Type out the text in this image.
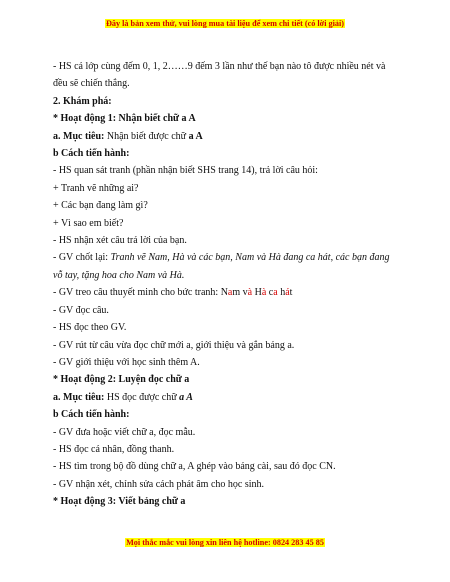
Đây là bản xem thử, vui lòng mua tài liệu để xem chi tiết (có lời giải)
- HS cả lớp cùng đếm 0, 1, 2……9 đếm 3 lần như thế bạn nào tô được nhiều nét và
đều sẽ chiến thắng.
2. Khám phá:
* Hoạt động 1: Nhận biết chữ a A
a. Mục tiêu: Nhận biết được chữ a A
b Cách tiến hành:
- HS quan sát tranh (phần nhận biết SHS trang 14), trả lời câu hỏi:
+ Tranh vẽ những ai?
+ Các bạn đang làm gì?
+ Vì sao em biết?
- HS nhận xét câu trả lời của bạn.
- GV chốt lại: Tranh vẽ Nam, Hà và các bạn, Nam và Hà đang ca hát, các bạn đang
vỗ tay, tặng hoa cho Nam và Hà.
- GV treo câu thuyết minh cho bức tranh: Nam và Hà ca hát
- GV đọc câu.
- HS đọc theo GV.
- GV rút từ câu vừa đọc chữ mới a, giới thiệu và gắn bảng a.
- GV giới thiệu với học sinh thêm A.
* Hoạt động 2: Luyện đọc chữ a
a. Mục tiêu: HS đọc được chữ a A
b Cách tiến hành:
- GV đưa hoặc viết chữ a, đọc mẫu.
- HS đọc cá nhân, đồng thanh.
- HS tìm trong bộ đồ dùng chữ a, A ghép vào bảng cài, sau đó đọc CN.
- GV nhận xét, chỉnh sửa cách phát âm cho học sinh.
* Hoạt động 3: Viết bảng chữ a
Mọi thắc mắc vui lòng xin liên hệ hotline: 0824 283 45 85
